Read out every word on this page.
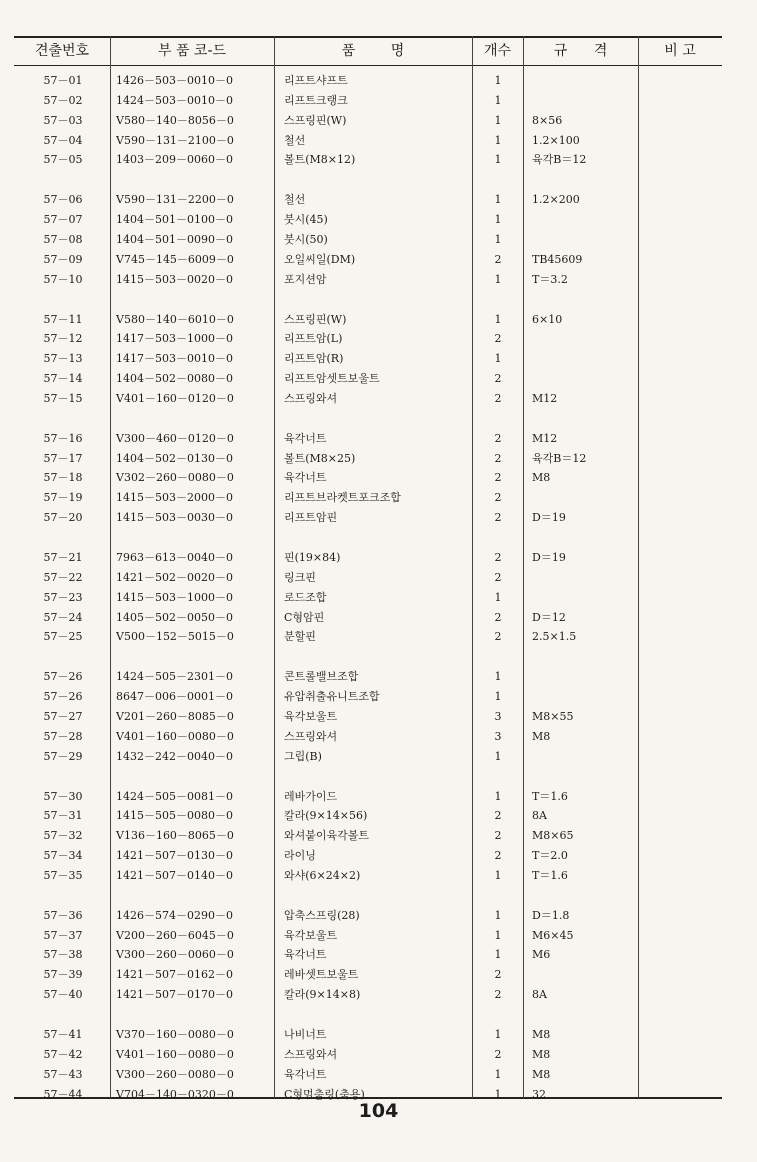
견출번호	부 품 코-드	품        명	개수	규      격	비 고
57－01	1426－503－0010－0	리프트샤프트	1
57－02	1424－503－0010－0	리프트크랭크	1
57－03	V580－140－8056－0	스프링핀(W)	1	8×56
57－04	V590－131－2100－0	철선	1	1.2×100
57－05	1403－209－0060－0	볼트(M8×12)	1	육각B＝12
57－06	V590－131－2200－0	철선	1	1.2×200
57－07	1404－501－0100－0	붓시(45)	1
57－08	1404－501－0090－0	붓시(50)	1
57－09	V745－145－6009－0	오일씨일(DM)	2	TB45609
57－10	1415－503－0020－0	포지션암	1	T＝3.2
57－11	V580－140－6010－0	스프링핀(W)	1	6×10
57－12	1417－503－1000－0	리프트암(L)	2
57－13	1417－503－0010－0	리프트암(R)	1
57－14	1404－502－0080－0	리프트암셋트보울트	2
57－15	V401－160－0120－0	스프링와셔	2	M12
57－16	V300－460－0120－0	육각너트	2	M12
57－17	1404－502－0130－0	볼트(M8×25)	2	육각B＝12
57－18	V302－260－0080－0	육각너트	2	M8
57－19	1415－503－2000－0	리프트브라켓트포크조합	2
57－20	1415－503－0030－0	리프트암핀	2	D＝19
57－21	7963－613－0040－0	핀(19×84)	2	D＝19
57－22	1421－502－0020－0	링크핀	2
57－23	1415－503－1000－0	로드조합	1
57－24	1405－502－0050－0	C형암핀	2	D＝12
57－25	V500－152－5015－0	분할핀	2	2.5×1.5
57－26	1424－505－2301－0	콘트롤밸브조합	1
57－26	8647－006－0001－0	유압취출유니트조합	1
57－27	V201－260－8085－0	육각보울트	3	M8×55
57－28	V401－160－0080－0	스프링와셔	3	M8
57－29	1432－242－0040－0	그립(B)	1
57－30	1424－505－0081－0	레바가이드	1	T＝1.6
57－31	1415－505－0080－0	칼라(9×14×56)	2	8A
57－32	V136－160－8065－0	와셔붙이육각볼트	2	M8×65
57－34	1421－507－0130－0	라이닝	2	T＝2.0
57－35	1421－507－0140－0	와샤(6×24×2)	1	T＝1.6
57－36	1426－574－0290－0	압축스프링(28)	1	D＝1.8
57－37	V200－260－6045－0	육각보울트	1	M6×45
57－38	V300－260－0060－0	육각너트	1	M6
57－39	1421－507－0162－0	레바셋트보울트	2
57－40	1421－507－0170－0	칼라(9×14×8)	2	8A
57－41	V370－160－0080－0	나비너트	1	M8
57－42	V401－160－0080－0	스프링와셔	2	M8
57－43	V300－260－0080－0	육각너트	1	M8
57－44	V704－140－0320－0	C형멈춤링(축용)	1	32
104
